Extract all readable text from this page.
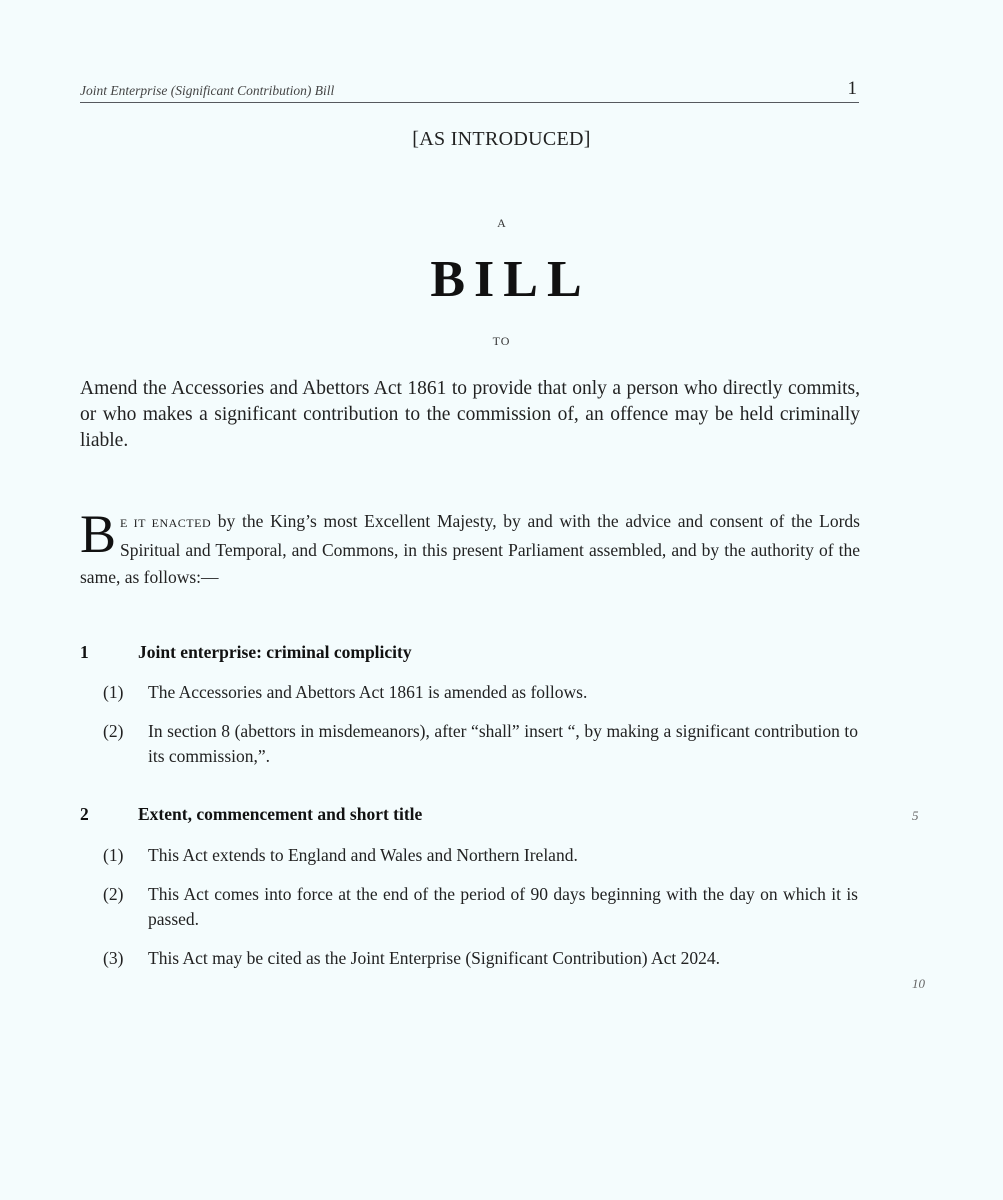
Joint Enterprise (Significant Contribution) Bill	1
[AS INTRODUCED]
A
BILL
TO
Amend the Accessories and Abettors Act 1861 to provide that only a person who directly commits, or who makes a significant contribution to the commission of, an offence may be held criminally liable.
B E IT ENACTED by the King’s most Excellent Majesty, by and with the advice and consent of the Lords Spiritual and Temporal, and Commons, in this present Parliament assembled, and by the authority of the same, as follows:—
1	Joint enterprise: criminal complicity
(1) The Accessories and Abettors Act 1861 is amended as follows.
(2) In section 8 (abettors in misdemeanors), after “shall” insert “, by making a significant contribution to its commission,”.
2	Extent, commencement and short title
(1) This Act extends to England and Wales and Northern Ireland.
(2) This Act comes into force at the end of the period of 90 days beginning with the day on which it is passed.
(3) This Act may be cited as the Joint Enterprise (Significant Contribution) Act 2024.
5
10
